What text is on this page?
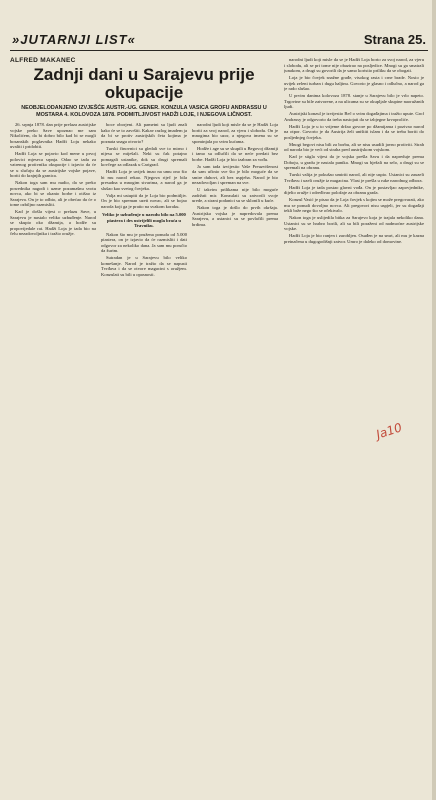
»JUTARNJI LIST«	Strana 25.
ALFRED MAKANEC
Zadnji dani u Sarajevu prije
okupacije
NEOBJELODANJENO IZVJEŠĆE AUSTR.-UG. GENER. KONZULA VASICA GROFU ANDRASSU U MOSTARA 4. KOLOVOZA 1878. PODMITLJIVOST HADŽI LOJE, I NJEGOVA LIČNOST.

26. srpnja 1878. dan prije prelaza austrijske vojske preko Save upoznao me sam Nikolićem, da bi dobro bilo kad bi se mogli bosanskih poglavnika Hadži Loju nekako uvaliti i pridobiti.

Hadži Loja se pojavio kod mene u prvoj polovici mjeseca srpnja. Odao se tada za vatrenog protivnika okupacije i izjavio da će se u slučaju da se austrijske vojske pojave, boriti do krajnjih granica.

Nakon toga sam mu nudio, da se preko posrednika nagodi i uzme pozamašnu svotu novca, ako bi se okanio borbe i otišao iz Sarajeva. On je to odbio, ali je obećao da će o tome ozbiljno razmisliti.

Kad je došla vijest o prelazu Save, u Sarajevu je nastalo veliko uzbuđenje. Narod se skupio oko džamija, a hodže su propovijedale rat. Hadži Loja je tada bio na čelu nezadovoljnika i tražio oružje.

boce oborjeni. Ali pametni su ljudi znali kako će se to završiti. Kakav razlog imadem ja da bi se protiv austrijskih četa kojima je poznata snaga otvorio?

Turski činovnici su gledali sve to mirno i nijesu se miješali. Neki su čak potajno pomagali ustanike, dok su drugi spremali kovčege za odlazak u Carigrad.

Hadži Loja je uvijek imao na umu ono što bi mu narod rekao. Njegova riječ je bila presudna u mnogim stvarima, a narod ga je slušao kao svetog čovjeka.

Valja mi ustupiti da je Loja bio podmitljiv. On je bio spreman uzeti novac, ali se bojao naroda koji ga je pratio na svakom koraku.

Veliko je uzbuđenje u narodu bilo na 5.000 piastera i des ustrijelili mogla braća u Travniku.

Nakon što mu je pružena ponuda od 5.000 piastera, on je izjavio da će razmisliti i dati odgovor za nekoliko dana. Ja sam mu poručio da žurim.

Sutradan je u Sarajevu bilo veliko komešanje. Narod je tražio da se napusti Tvrđava i da se otvore magacini s oružjem. Konzulati su bili u opasnosti.

narodni ljudi koji misle da se je Hadži Loja boriti za svoj narod, za vjeru i slobodu. On je mnogima bio uzor, a njegova imena su se spominjala po svim kućama.

Hodže i age su se skupili u Begovoj džamiji i tamo su odlučili da se neće predati bez borbe. Hadži Loja je bio izabran za vođu.

Ja sam tada izvijestio Vaše Preuzvišenost da sam učinio sve što je bilo moguće da se smire duhovi, ali bez uspjeha. Narod je bio nezadovoljan i spreman na sve.

U takvim prilikama nije bilo moguće zadržati mir. Konzulati su zatvorili svoje urede, a strani podanici su se sklonili u kuće.

Nakon toga je došlo do prvih okršaja. Austrijska vojska je napredovala prema Sarajevu, a ustanici su se povlačili prema brdima.

narodni ljudi koji misle da se je Hadži Loja borio za svoj narod, za vjeru i slobodu, ali se pri tome nije obazirao na posljedice. Mnogi su ga smatrali junakom, a drugi su govorili da je samo koristio priliku da se obogati.

Loja je bio čovjek snažne građe, visokog rasta i crne brade. Nosio je uvijek zeleni turban i dugu haljinu. Govorio je glasno i odlučno, a narod ga je rado slušao.

U prvim danima kolovoza 1878. stanje u Sarajevu bilo je vrlo napeto. Trgovine su bile zatvorene, a na ulicama su se okupljale skupine naoružanih ljudi.

Austrijski konzul je izvijestio Beč o svim događajima i tražio upute. Grof Andrassy je odgovorio da treba nastojati da se izbjegne krvoproliće.

Hadži Loja je u to vrijeme držao govore po džamijama i pozivao narod na otpor. Govorio je da Austrija želi uništiti islam i da se treba boriti do posljednjeg čovjeka.

Mnogi begovi nisu bili za borbu, ali se nisu usudili javno protiviti. Strah od naroda bio je veći od straha pred austrijskom vojskom.

Kad je stigla vijest da je vojska prešla Savu i da napreduje prema Doboju, u gradu je nastala panika. Mnogi su bježali na selo, a drugi su se spremali na obranu.

Turski valija je pokušao umiriti narod, ali nije uspio. Ustanici su zauzeli Tvrđavu i uzeli oružje iz magacina. Vlast je prešla u ruke narodnog odbora.

Hadži Loja je tada postao glavni vođa. On je postavljao zapovjednike, dijelio oružje i određivao položaje za obranu grada.

Konzul Vasić je pisao da je Loja čovjek s kojim se može pregovarati, ako mu se ponudi dovoljno novca. Ali pregovori nisu uspjeli, jer su događaji tekli brže nego što se očekivalo.

Nakon toga je uslijedila bitka za Sarajevo koja je trajala nekoliko dana. Ustanici su se hrabro borili, ali su bili poraženi od nadmoćne austrijske vojske.

Hadži Loja je bio ranjen i zarobljen. Osuđen je na smrt, ali mu je kazna preinačena u dugogodišnji zatvor. Umro je daleko od domovine.

Ja10
